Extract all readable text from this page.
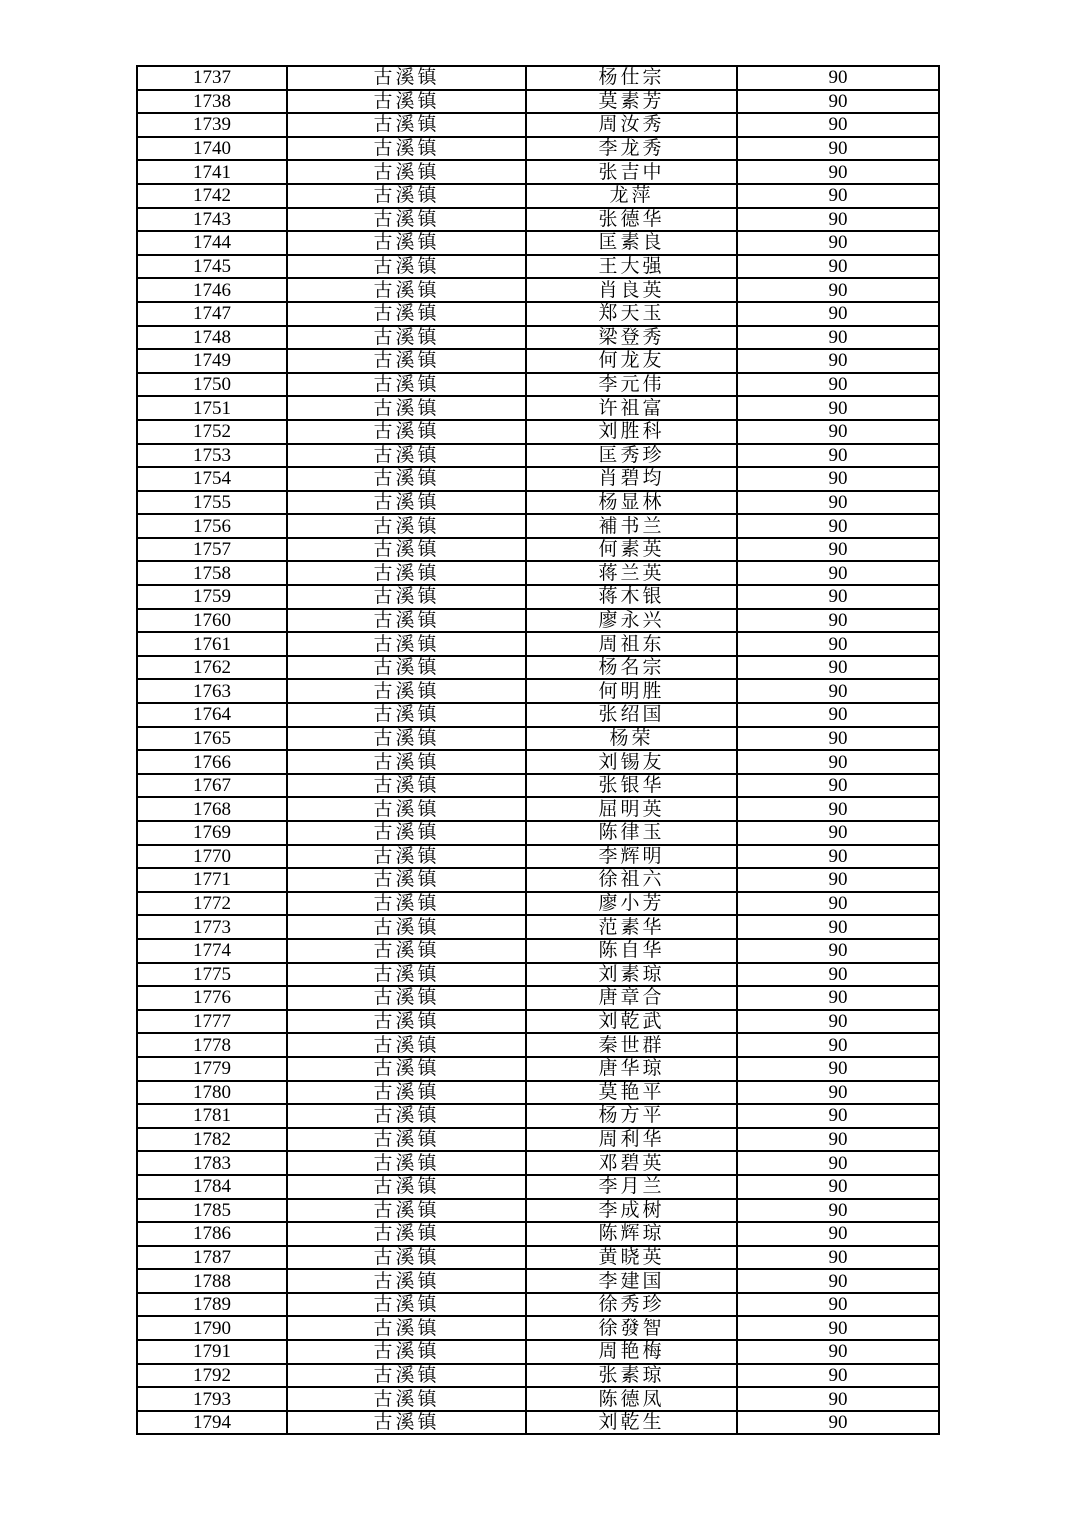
1737	古溪镇	杨仕宗	90
1738	古溪镇	莫素芳	90
1739	古溪镇	周汝秀	90
1740	古溪镇	李龙秀	90
1741	古溪镇	张吉中	90
1742	古溪镇	龙萍	90
1743	古溪镇	张德华	90
1744	古溪镇	匡素良	90
1745	古溪镇	王大强	90
1746	古溪镇	肖良英	90
1747	古溪镇	郑天玉	90
1748	古溪镇	梁登秀	90
1749	古溪镇	何龙友	90
1750	古溪镇	李元伟	90
1751	古溪镇	许祖富	90
1752	古溪镇	刘胜科	90
1753	古溪镇	匡秀珍	90
1754	古溪镇	肖碧均	90
1755	古溪镇	杨显林	90
1756	古溪镇	補书兰	90
1757	古溪镇	何素英	90
1758	古溪镇	蒋兰英	90
1759	古溪镇	蒋木银	90
1760	古溪镇	廖永兴	90
1761	古溪镇	周祖东	90
1762	古溪镇	杨名宗	90
1763	古溪镇	何明胜	90
1764	古溪镇	张绍国	90
1765	古溪镇	杨荣	90
1766	古溪镇	刘锡友	90
1767	古溪镇	张银华	90
1768	古溪镇	屈明英	90
1769	古溪镇	陈律玉	90
1770	古溪镇	李辉明	90
1771	古溪镇	徐祖六	90
1772	古溪镇	廖小芳	90
1773	古溪镇	范素华	90
1774	古溪镇	陈自华	90
1775	古溪镇	刘素琼	90
1776	古溪镇	唐章合	90
1777	古溪镇	刘乾武	90
1778	古溪镇	秦世群	90
1779	古溪镇	唐华琼	90
1780	古溪镇	莫艳平	90
1781	古溪镇	杨方平	90
1782	古溪镇	周利华	90
1783	古溪镇	邓碧英	90
1784	古溪镇	李月兰	90
1785	古溪镇	李成树	90
1786	古溪镇	陈辉琼	90
1787	古溪镇	黄晓英	90
1788	古溪镇	李建国	90
1789	古溪镇	徐秀珍	90
1790	古溪镇	徐發智	90
1791	古溪镇	周艳梅	90
1792	古溪镇	张素琼	90
1793	古溪镇	陈德凤	90
1794	古溪镇	刘乾生	90
